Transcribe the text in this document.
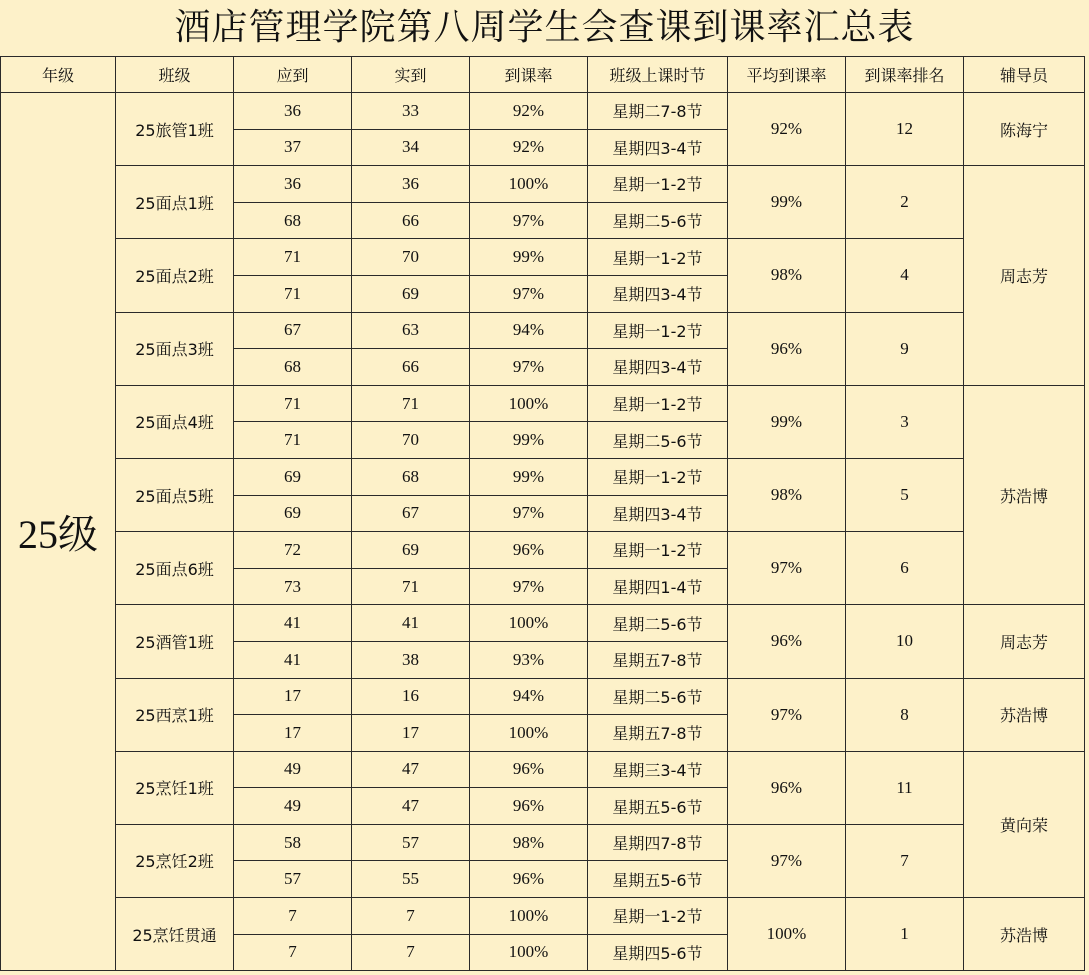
酒店管理学院第八周学生会查课到课率汇总表
年级	班级	应到	实到	到课率	班级上课时节	平均到课率	到课率排名	辅导员
25级	25旅管1班	36	33	92%	星期二7-8节	92%	12	陈海宁
		37	34	92%	星期四3-4节			
	25面点1班	36	36	100%	星期一1-2节	99%	2	周志芳
		68	66	97%	星期二5-6节			
	25面点2班	71	70	99%	星期一1-2节	98%	4	
		71	69	97%	星期四3-4节			
	25面点3班	67	63	94%	星期一1-2节	96%	9	
		68	66	97%	星期四3-4节			
	25面点4班	71	71	100%	星期一1-2节	99%	3	苏浩博
		71	70	99%	星期二5-6节			
	25面点5班	69	68	99%	星期一1-2节	98%	5	
		69	67	97%	星期四3-4节			
	25面点6班	72	69	96%	星期一1-2节	97%	6	
		73	71	97%	星期四1-4节			
	25酒管1班	41	41	100%	星期二5-6节	96%	10	周志芳
		41	38	93%	星期五7-8节			
	25西烹1班	17	16	94%	星期二5-6节	97%	8	苏浩博
		17	17	100%	星期五7-8节			
	25烹饪1班	49	47	96%	星期三3-4节	96%	11	黄向荣
		49	47	96%	星期五5-6节			
	25烹饪2班	58	57	98%	星期四7-8节	97%	7	
		57	55	96%	星期五5-6节			
	25烹饪贯通	7	7	100%	星期一1-2节	100%	1	苏浩博
		7	7	100%	星期四5-6节			
